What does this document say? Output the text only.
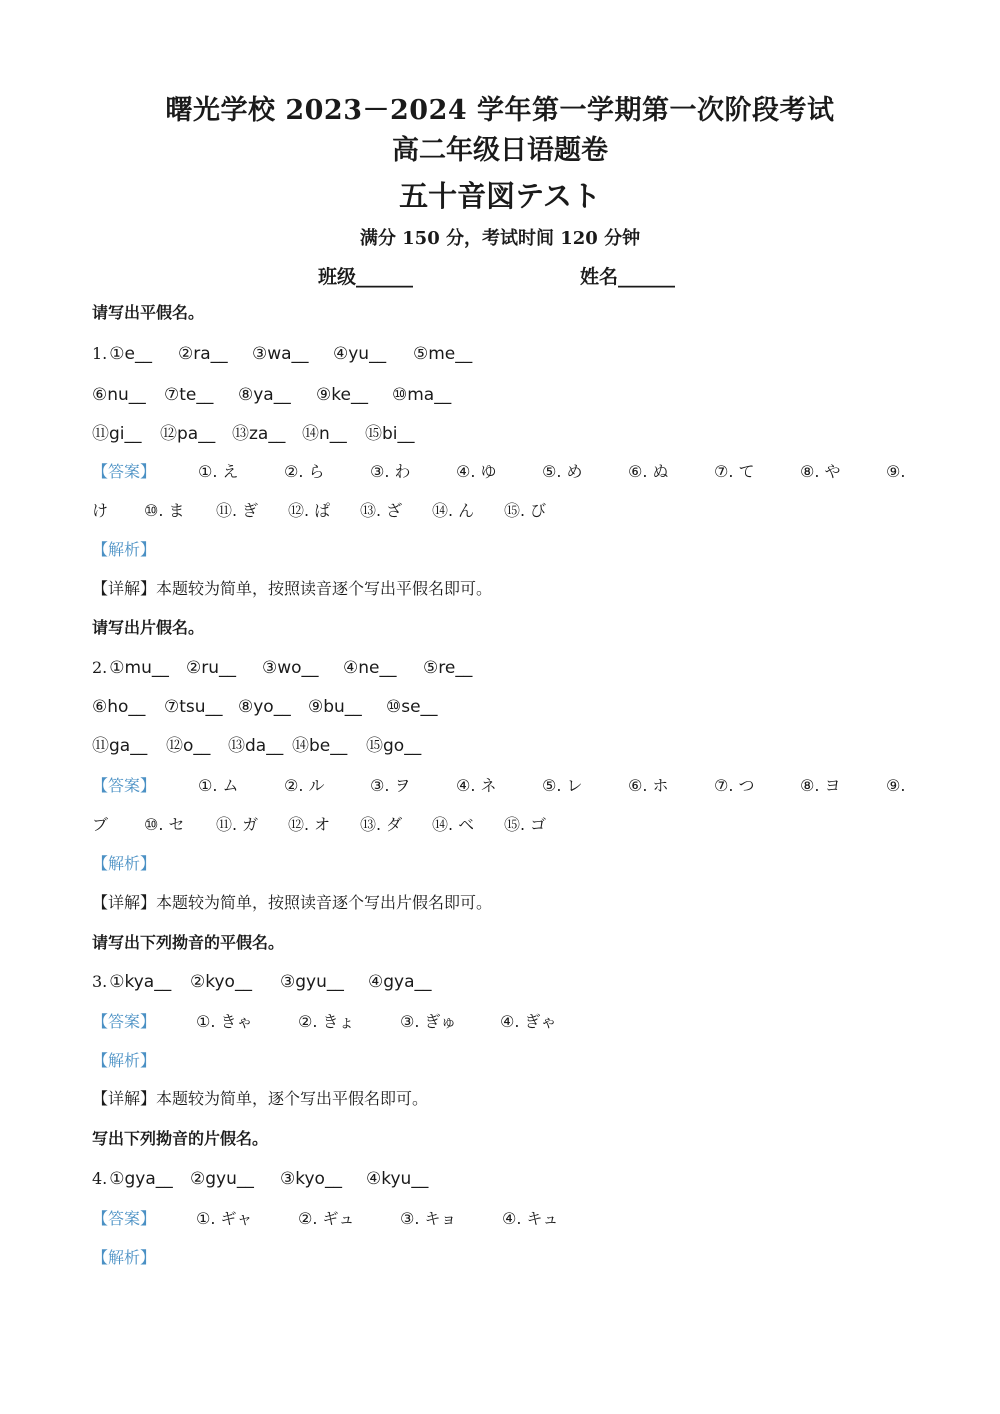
曙光学校 2023－2024 学年第一学期第一次阶段考试
高二年级日语题卷
五十音図テスト
满分 150 分，考试时间 120 分钟
班级______	姓名______
请写出平假名。
1. ①e__ ②ra__ ③wa__ ④yu__ ⑤me__
⑥nu__ ⑦te__ ⑧ya__ ⑨ke__ ⑩ma__
⑪gi__ ⑫pa__ ⑬za__ ⑭n__ ⑮bi__
【答案】	①. え	②. ら	③. わ	④. ゆ	⑤. め	⑥. ぬ	⑦. て	⑧. や	⑨.
け ⑩. ま ⑪. ぎ ⑫. ぱ ⑬. ざ ⑭. ん ⑮. び
【解析】
【详解】本题较为简单，按照读音逐个写出平假名即可。
请写出片假名。
2. ①mu__ ②ru__ ③wo__ ④ne__ ⑤re__
⑥ho__ ⑦tsu__ ⑧yo__ ⑨bu__ ⑩se__
⑪ga__ ⑫o__ ⑬da__ ⑭be__ ⑮go__
【答案】	①. ム	②. ル	③. ヲ	④. ネ	⑤. レ	⑥. ホ	⑦. つ	⑧. ヨ	⑨.
ブ ⑩. セ ⑪. ガ ⑫. オ ⑬. ダ ⑭. ベ ⑮. ゴ
【解析】
【详解】本题较为简单，按照读音逐个写出片假名即可。
请写出下列拗音的平假名。
3. ①kya__ ②kyo__ ③gyu__ ④gya__
【答案】 ①. きゃ	②. きょ	③. ぎゅ	④. ぎゃ
【解析】
【详解】本题较为简单，逐个写出平假名即可。
写出下列拗音的片假名。
4. ①gya__ ②gyu__ ③kyo__ ④kyu__
【答案】 ①. ギャ	②. ギュ	③. キョ	④. キュ
【解析】
